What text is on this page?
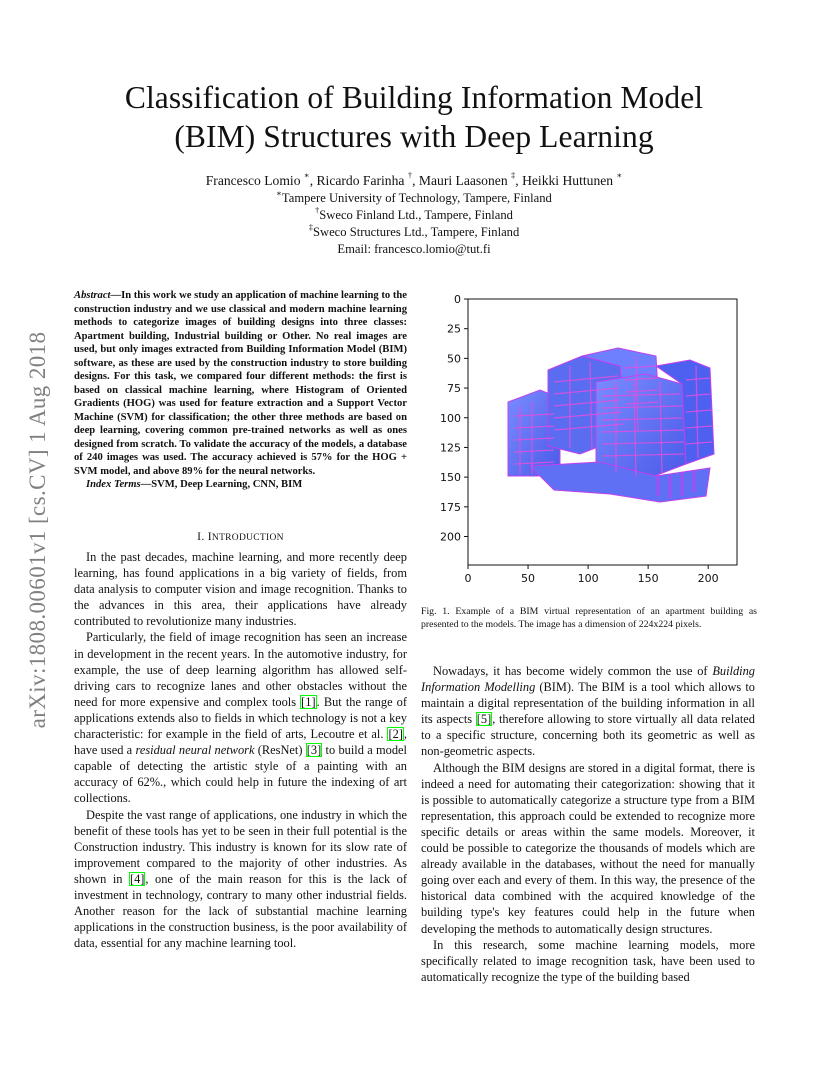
Classification of Building Information Model
(BIM) Structures with Deep Learning
Francesco Lomio ∗, Ricardo Farinha †, Mauri Laasonen ‡, Heikki Huttunen ∗
∗Tampere University of Technology, Tampere, Finland
†Sweco Finland Ltd., Tampere, Finland
‡Sweco Structures Ltd., Tampere, Finland
Email: francesco.lomio@tut.fi
arXiv:1808.00601v1 [cs.CV] 1 Aug 2018
Abstract—In this work we study an application of machine learning to the construction industry and we use classical and modern machine learning methods to categorize images of building designs into three classes: Apartment building, Industrial building or Other. No real images are used, but only images extracted from Building Information Model (BIM) software, as these are used by the construction industry to store building designs. For this task, we compared four different methods: the first is based on classical machine learning, where Histogram of Oriented Gradients (HOG) was used for feature extraction and a Support Vector Machine (SVM) for classification; the other three methods are based on deep learning, covering common pre-trained networks as well as ones designed from scratch. To validate the accuracy of the models, a database of 240 images was used. The accuracy achieved is 57% for the HOG + SVM model, and above 89% for the neural networks.
Index Terms—SVM, Deep Learning, CNN, BIM
I. INTRODUCTION

In the past decades, machine learning, and more recently deep learning, has found applications in a big variety of fields, from data analysis to computer vision and image recognition. Thanks to the advances in this area, their applications have already contributed to revolutionize many industries.

Particularly, the field of image recognition has seen an increase in development in the recent years. In the automotive industry, for example, the use of deep learning algorithm has allowed self-driving cars to recognize lanes and other obstacles without the need for more expensive and complex tools [1]. But the range of applications extends also to fields in which technology is not a key characteristic: for example in the field of arts, Lecoutre et al. [2], have used a residual neural network (ResNet) [3] to build a model capable of detecting the artistic style of a painting with an accuracy of 62%., which could help in future the indexing of art collections.

Despite the vast range of applications, one industry in which the benefit of these tools has yet to be seen in their full potential is the Construction industry. This industry is known for its slow rate of improvement compared to the majority of other industries. As shown in [4], one of the main reason for this is the lack of investment in technology, contrary to many other industrial fields. Another reason for the lack of substantial machine learning applications in the construction business, is the poor availability of data, essential for any machine learning tool.

0	50	100	150	200
0
25
50
75
100
125
150
175
200
Fig. 1. Example of a BIM virtual representation of an apartment building as presented to the models. The image has a dimension of 224x224 pixels.

Nowadays, it has become widely common the use of Building Information Modelling (BIM). The BIM is a tool which allows to maintain a digital representation of the building information in all its aspects [5], therefore allowing to store virtually all data related to a specific structure, concerning both its geometric as well as non-geometric aspects.

Although the BIM designs are stored in a digital format, there is indeed a need for automating their categorization: showing that it is possible to automatically categorize a structure type from a BIM representation, this approach could be extended to recognize more specific details or areas within the same models. Moreover, it could be possible to categorize the thousands of models which are already available in the databases, without the need for manually going over each and every of them. In this way, the presence of the historical data combined with the acquired knowledge of the building type's key features could help in the future when developing the methods to automatically design structures.

In this research, some machine learning models, more specifically related to image recognition task, have been used to automatically recognize the type of the building based
